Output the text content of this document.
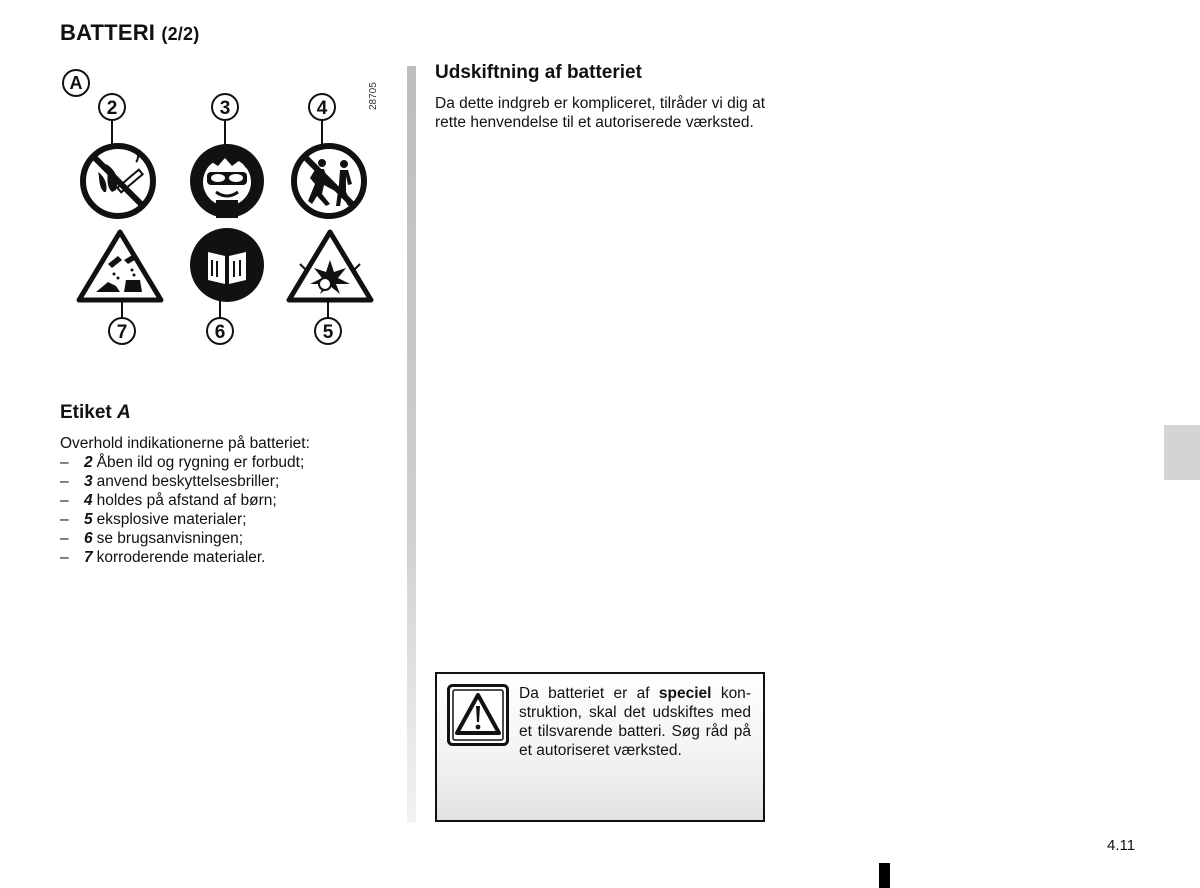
BATTERI (2/2)
A
2	3	4
7	6	5
28705
Etiket A

Overhold indikationerne på batteriet:

– 2 Åben ild og rygning er forbudt;
– 3 anvend beskyttelsesbriller;
– 4 holdes på afstand af børn;
– 5 eksplosive materialer;
– 6 se brugsanvisningen;
– 7 korroderende materialer.
Udskiftning af batteriet

Da dette indgreb er kompliceret, tilråder vi dig at rette henvendelse til et autoriserede værksted.

Da batteriet er af speciel konstruktion, skal det udskiftes med et tilsvarende batteri. Søg råd på et autoriseret værksted.

4.11
